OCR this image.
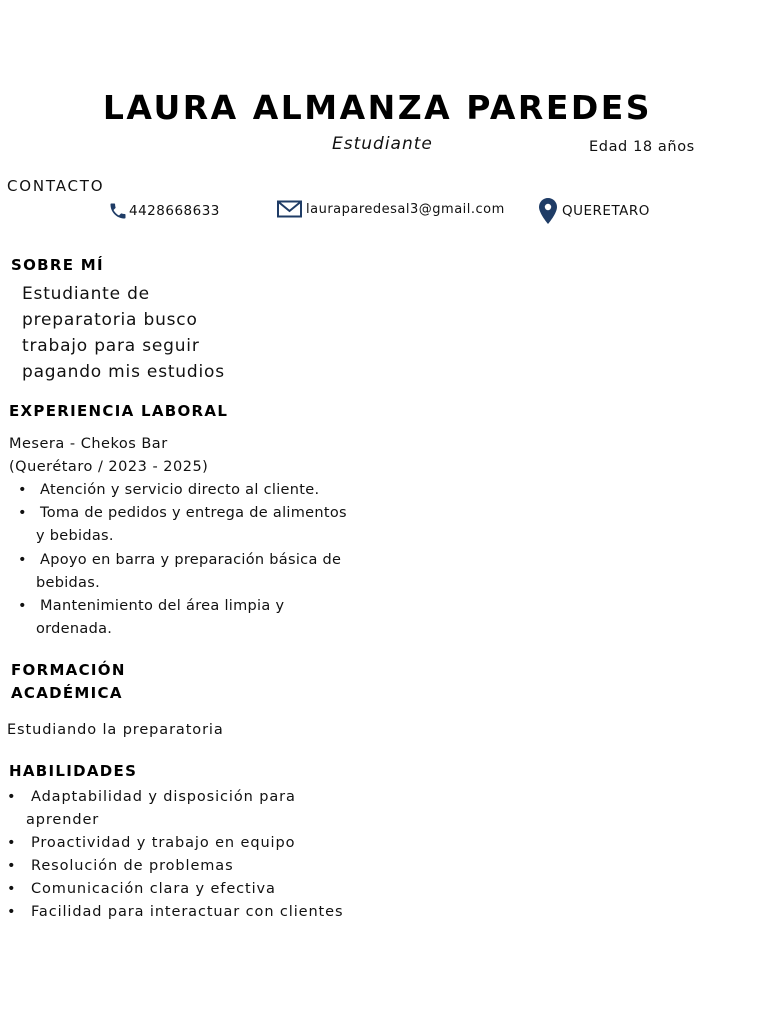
LAURA ALMANZA PAREDES
Estudiante	Edad 18 años
CONTACTO
4428668633	lauraparedesal3@gmail.com	QUERETARO
SOBRE MÍ
Estudiante de
preparatoria busco
trabajo para seguir
pagando mis estudios
EXPERIENCIA LABORAL
Mesera - Chekos Bar
(Querétaro / 2023 - 2025)
• Atención y servicio directo al cliente.
• Toma de pedidos y entrega de alimentos y bebidas.
• Apoyo en barra y preparación básica de bebidas.
• Mantenimiento del área limpia y ordenada.
FORMACIÓN
ACADÉMICA
Estudiando la preparatoria
HABILIDADES
• Adaptabilidad y disposición para aprender
• Proactividad y trabajo en equipo
• Resolución de problemas
• Comunicación clara y efectiva
• Facilidad para interactuar con clientes
